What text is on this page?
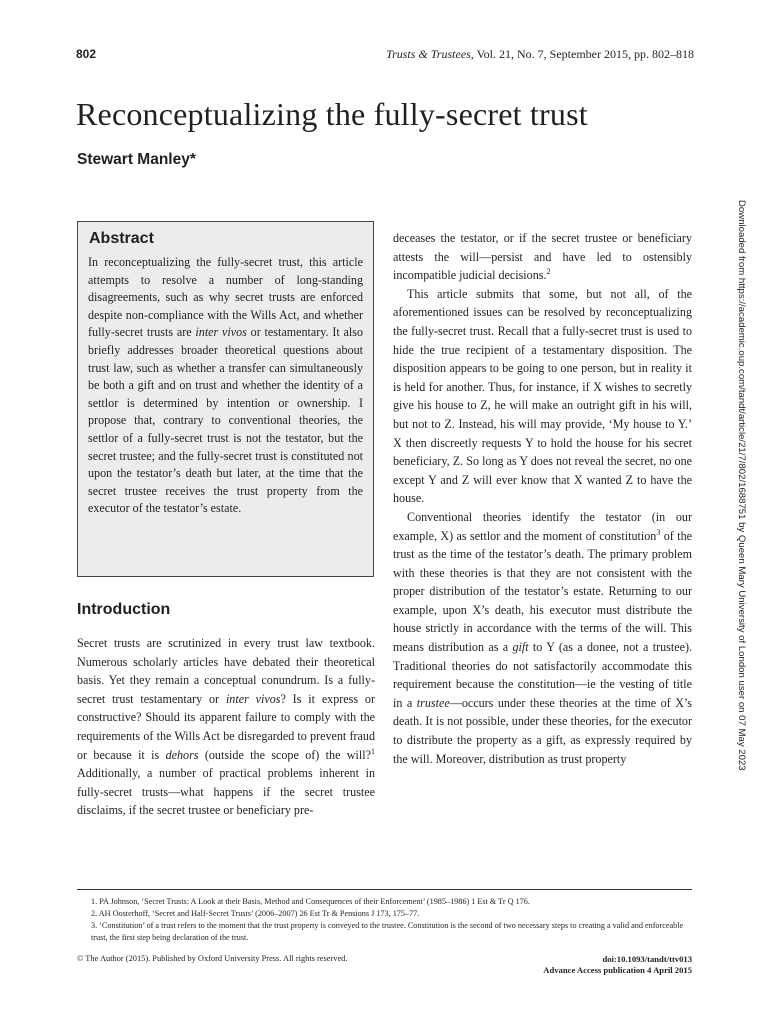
802	Trusts & Trustees, Vol. 21, No. 7, September 2015, pp. 802–818
Reconceptualizing the fully-secret trust
Stewart Manley*
Downloaded from https://academic.oup.com/tandt/article/21/7/802/1688751 by Queen Mary University of London user on 07 May 2023
Abstract

In reconceptualizing the fully-secret trust, this article attempts to resolve a number of long-standing disagreements, such as why secret trusts are enforced despite non-compliance with the Wills Act, and whether fully-secret trusts are inter vivos or testamentary. It also briefly addresses broader theoretical questions about trust law, such as whether a transfer can simultaneously be both a gift and on trust and whether the identity of a settlor is determined by intention or ownership. I propose that, contrary to conventional theories, the settlor of a fully-secret trust is not the testator, but the secret trustee; and the fully-secret trust is constituted not upon the testator’s death but later, at the time that the secret trustee receives the trust property from the executor of the testator’s estate.

Introduction

Secret trusts are scrutinized in every trust law textbook. Numerous scholarly articles have debated their theoretical basis. Yet they remain a conceptual conundrum. Is a fully-secret trust testamentary or inter vivos? Is it express or constructive? Should its apparent failure to comply with the requirements of the Wills Act be disregarded to prevent fraud or because it is dehors (outside the scope of) the will?$^1$ Additionally, a number of practical problems inherent in fully-secret trusts—what happens if the secret trustee disclaims, if the secret trustee or beneficiary pre-

deceases the testator, or if the secret trustee or beneficiary attests the will—persist and have led to ostensibly incompatible judicial decisions.$^2$

This article submits that some, but not all, of the aforementioned issues can be resolved by reconceptualizing the fully-secret trust. Recall that a fully-secret trust is used to hide the true recipient of a testamentary disposition. The disposition appears to be going to one person, but in reality it is held for another. Thus, for instance, if X wishes to secretly give his house to Z, he will make an outright gift in his will, but not to Z. Instead, his will may provide, ‘My house to Y.’ X then discreetly requests Y to hold the house for his secret beneficiary, Z. So long as Y does not reveal the secret, no one except Y and Z will ever know that X wanted Z to have the house.

Conventional theories identify the testator (in our example, X) as settlor and the moment of constitution$^3$ of the trust as the time of the testator’s death. The primary problem with these theories is that they are not consistent with the proper distribution of the testator’s estate. Returning to our example, upon X’s death, his executor must distribute the house strictly in accordance with the terms of the will. This means distribution as a gift to Y (as a donee, not a trustee). Traditional theories do not satisfactorily accommodate this requirement because the constitution—ie the vesting of title in a trustee—occurs under these theories at the time of X’s death. It is not possible, under these theories, for the executor to distribute the property as a gift, as expressly required by the will. Moreover, distribution as trust property

1. PA Johnson, ‘Secret Trusts: A Look at their Basis, Method and Consequences of their Enforcement’ (1985–1986) 1 Est & Tr Q 176.
2. AH Oosterhoff, ‘Secret and Half-Secret Trusts’ (2006–2007) 26 Est Tr & Pensions J 173, 175–77.
3. ‘Constitution’ of a trust refers to the moment that the trust property is conveyed to the trustee. Constitution is the second of two necessary steps to creating a valid and enforceable trust, the first step being declaration of the trust.
© The Author (2015). Published by Oxford University Press. All rights reserved.	doi:10.1093/tandt/ttv013
Advance Access publication 4 April 2015
